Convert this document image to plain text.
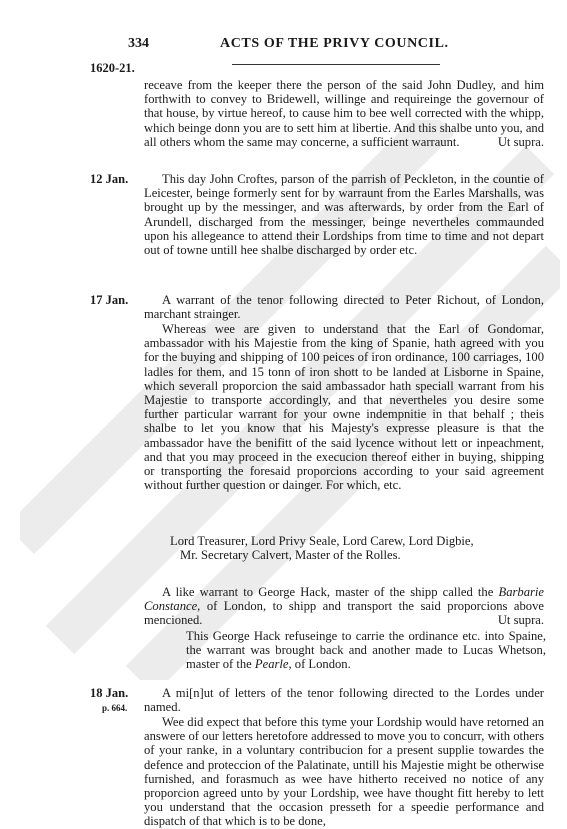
334	ACTS OF THE PRIVY COUNCIL.
1620-21.

receave from the keeper there the person of the said John Dudley, and him forthwith to convey to Bridewell, willinge and requireinge the governour of that house, by virtue hereof, to cause him to bee well corrected with the whipp, which beinge donn you are to sett him at libertie. And this shalbe unto you, and all others whom the same may concerne, a sufficient warraunt.	Ut supra.

12 Jan.	This day John Croftes, parson of the parrish of Peckleton, in the countie of Leicester, beinge formerly sent for by warraunt from the Earles Marshalls, was brought up by the messinger, and was afterwards, by order from the Earl of Arundell, discharged from the messinger, beinge nevertheles commaunded upon his allegeance to attend their Lordships from time to time and not depart out of towne untill hee shalbe discharged by order etc.

17 Jan.	A warrant of the tenor following directed to Peter Richout, of London, marchant strainger.

Whereas wee are given to understand that the Earl of Gondomar, ambassador with his Majestie from the king of Spanie, hath agreed with you for the buying and shipping of 100 peices of iron ordinance, 100 carriages, 100 ladles for them, and 15 tonn of iron shott to be landed at Lisborne in Spaine, which severall proporcion the said ambassador hath speciall warrant from his Majestie to transporte accordingly, and that nevertheles you desire some further particular warrant for your owne indempnitie in that behalf ; theis shalbe to let you know that his Majesty's expresse pleasure is that the ambassador have the benifitt of the said lycence without lett or inpeachment, and that you may proceed in the execucion thereof either in buying, shipping or transporting the foresaid proporcions according to your said agreement without further question or dainger. For which, etc.

Lord Treasurer, Lord Privy Seale, Lord Carew, Lord Digbie,
Mr. Secretary Calvert, Master of the Rolles.

A like warrant to George Hack, master of the shipp called the Barbarie Constance, of London, to shipp and transport the said proporcions above mencioned.	Ut supra.

This George Hack refuseinge to carrie the ordinance etc. into Spaine, the warrant was brought back and another made to Lucas Whetson, master of the Pearle, of London.

18 Jan.
p. 664.

A mi[n]ut of letters of the tenor following directed to the Lordes under named.

Wee did expect that before this tyme your Lordship would have retorned an answere of our letters heretofore addressed to move you to concurr, with others of your ranke, in a voluntary contribucion for a present supplie towardes the defence and proteccion of the Palatinate, untill his Majestie might be otherwise furnished, and forasmuch as wee have hitherto received no notice of any proporcion agreed unto by your Lordship, wee have thought fitt hereby to lett you understand that the occasion presseth for a speedie performance and dispatch of that which is to be done,
